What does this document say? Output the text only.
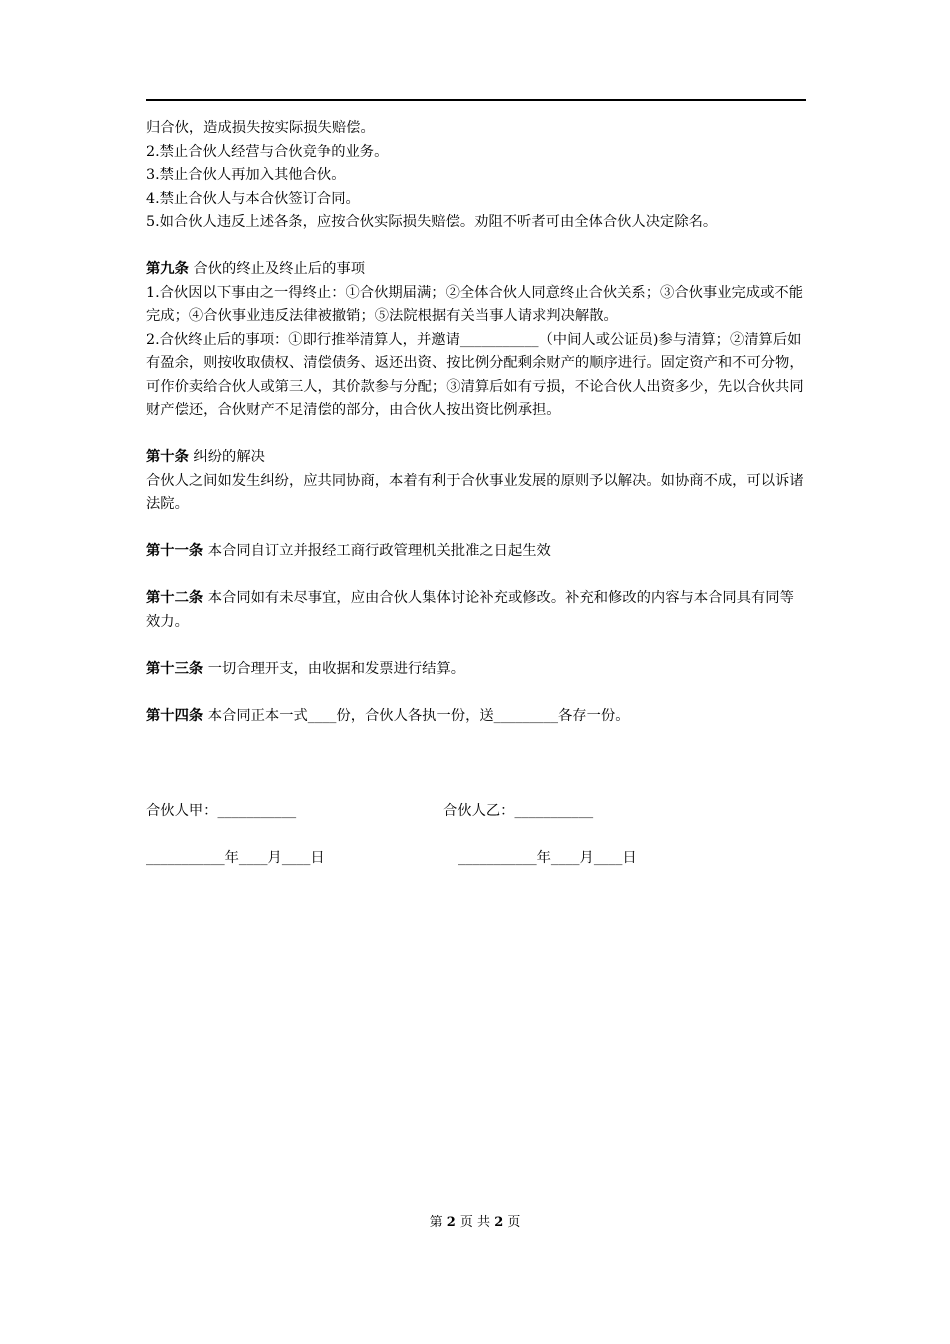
归合伙，造成损失按实际损失赔偿。

2.禁止合伙人经营与合伙竞争的业务。

3.禁止合伙人再加入其他合伙。

4.禁止合伙人与本合伙签订合同。

5.如合伙人违反上述各条，应按合伙实际损失赔偿。劝阻不听者可由全体合伙人决定除名。

第九条 合伙的终止及终止后的事项

1.合伙因以下事由之一得终止：①合伙期届满；②全体合伙人同意终止合伙关系；③合伙事业完成或不能完成；④合伙事业违反法律被撤销；⑤法院根据有关当事人请求判决解散。

2.合伙终止后的事项：①即行推举清算人，并邀请___________（中间人或公证员)参与清算；②清算后如有盈余，则按收取债权、清偿债务、返还出资、按比例分配剩余财产的顺序进行。固定资产和不可分物，可作价卖给合伙人或第三人，其价款参与分配；③清算后如有亏损，不论合伙人出资多少，先以合伙共同财产偿还，合伙财产不足清偿的部分，由合伙人按出资比例承担。

第十条 纠纷的解决

合伙人之间如发生纠纷，应共同协商，本着有利于合伙事业发展的原则予以解决。如协商不成，可以诉诸法院。

第十一条 本合同自订立并报经工商行政管理机关批准之日起生效

第十二条 本合同如有未尽事宜，应由合伙人集体讨论补充或修改。补充和修改的内容与本合同具有同等效力。

第十三条 一切合理开支，由收据和发票进行结算。

第十四条 本合同正本一式____份，合伙人各执一份，送_________各存一份。

合伙人甲：___________	合伙人乙：___________
___________年____月____日	___________年____月____日
第 2 页 共 2 页
